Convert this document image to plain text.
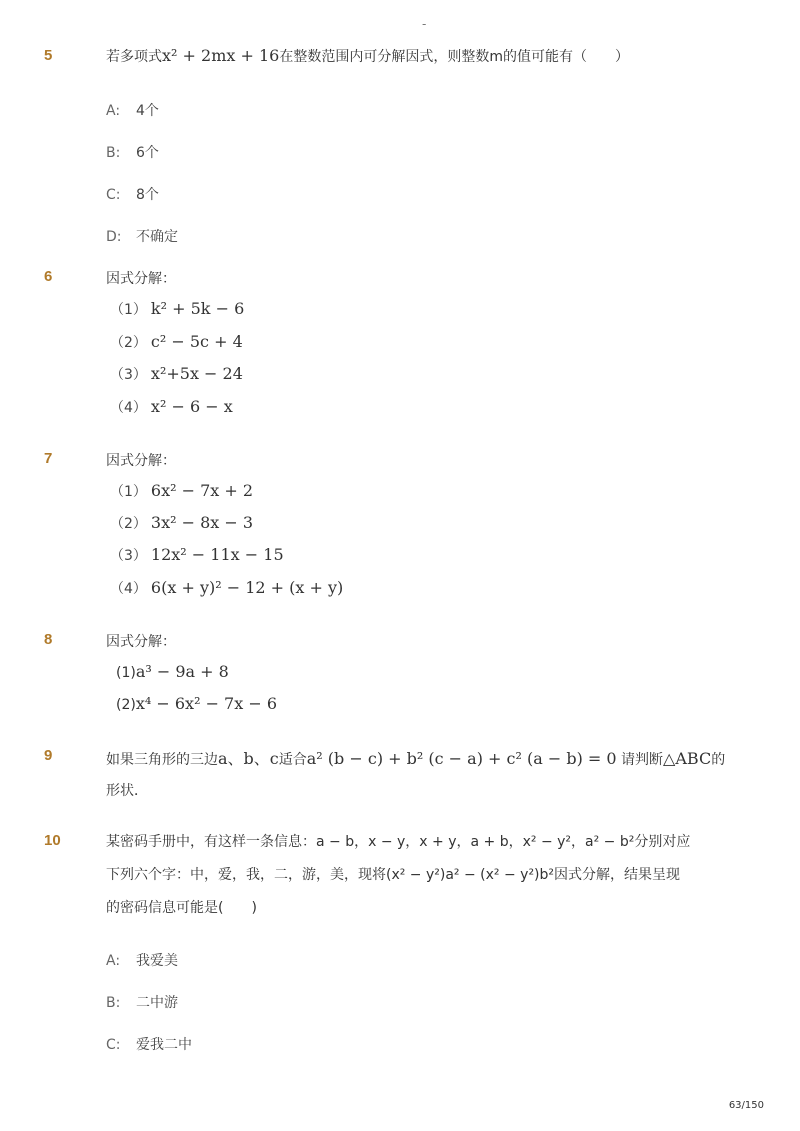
-
5	若多项式x² + 2mx + 16在整数范围内可分解因式，则整数m的值可能有（　　）
A: 4个
B: 6个
C: 8个
D: 不确定
6	因式分解：
（1） k² + 5k − 6
（2） c² − 5c + 4
（3） x²+5x − 24
（4） x² − 6 − x
7	因式分解：
（1） 6x² − 7x + 2
（2） 3x² − 8x − 3
（3） 12x² − 11x − 15
（4） 6(x + y)² − 12 + (x + y)
8	因式分解：
(1)a³ − 9a + 8
(2)x⁴ − 6x² − 7x − 6
9	如果三角形的三边a、b、c适合a² (b − c) + b² (c − a) + c² (a − b) = 0 请判断△ABC的
形状．
10	某密码手册中，有这样一条信息：a − b，x − y，x + y，a + b，x² − y²，a² − b²分别对应
下列六个字：中，爱，我，二，游，美，现将(x² − y²)a² − (x² − y²)b²因式分解，结果呈现
的密码信息可能是(　　)
A: 我爱美
B: 二中游
C: 爱我二中
63/150
